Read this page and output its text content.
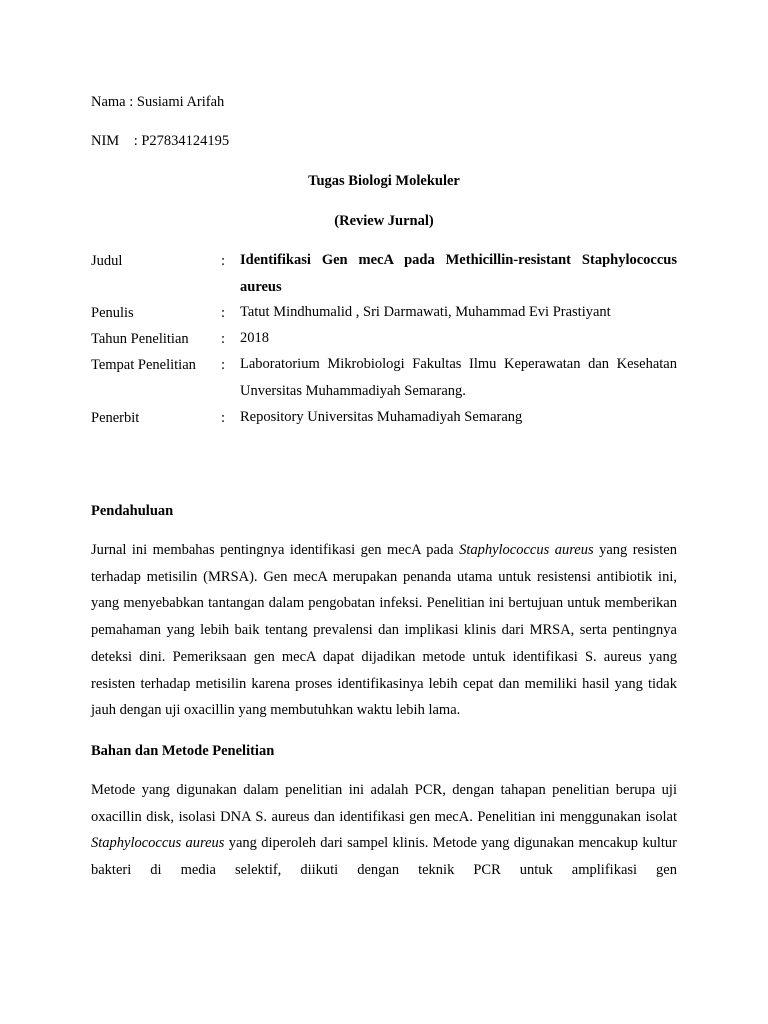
Nama : Susiami Arifah
NIM    : P27834124195
Tugas Biologi Molekuler
(Review Jurnal)
Judul	: Identifikasi Gen mecA pada Methicillin-resistant Staphylococcus aureus
Penulis	: Tatut Mindhumalid , Sri Darmawati, Muhammad Evi Prastiyant
Tahun Penelitian : 2018
Tempat Penelitian : Laboratorium Mikrobiologi Fakultas Ilmu Keperawatan dan Kesehatan Unversitas Muhammadiyah Semarang.
Penerbit	: Repository Universitas Muhamadiyah Semarang
Pendahuluan
Jurnal ini membahas pentingnya identifikasi gen mecA pada Staphylococcus aureus yang resisten terhadap metisilin (MRSA). Gen mecA merupakan penanda utama untuk resistensi antibiotik ini, yang menyebabkan tantangan dalam pengobatan infeksi. Penelitian ini bertujuan untuk memberikan pemahaman yang lebih baik tentang prevalensi dan implikasi klinis dari MRSA, serta pentingnya deteksi dini. Pemeriksaan gen mecA dapat dijadikan metode untuk identifikasi S. aureus yang resisten terhadap metisilin karena proses identifikasinya lebih cepat dan memiliki hasil yang tidak jauh dengan uji oxacillin yang membutuhkan waktu lebih lama.
Bahan dan Metode Penelitian
Metode yang digunakan dalam penelitian ini adalah PCR, dengan tahapan penelitian berupa uji oxacillin disk, isolasi DNA S. aureus dan identifikasi gen mecA. Penelitian ini menggunakan isolat Staphylococcus aureus yang diperoleh dari sampel klinis. Metode yang digunakan mencakup kultur bakteri di media selektif, diikuti dengan teknik PCR untuk amplifikasi gen
